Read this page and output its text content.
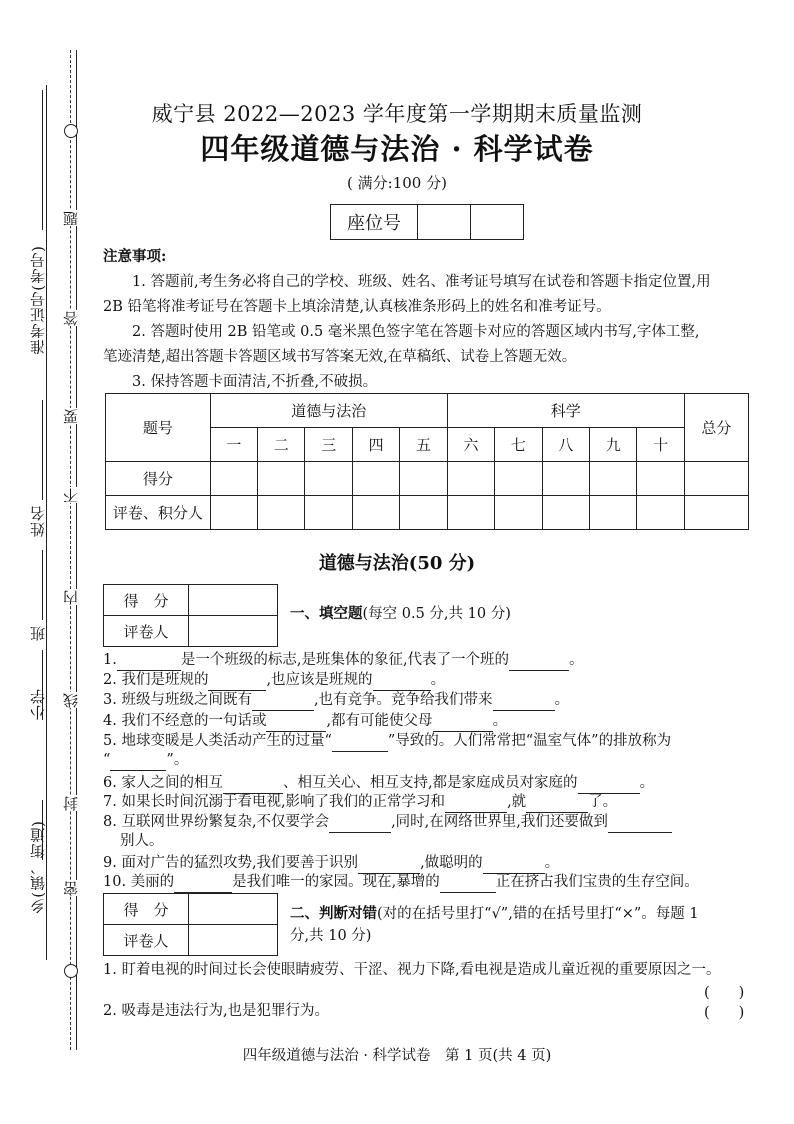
准考证号(考号)
姓名
班
小学
乡(镇、街道)
题
答
要
不
内
线
封
密
威宁县 2022—2023 学年度第一学期期末质量监测
四年级道德与法治 · 科学试卷
( 满分:100 分)
座位号		

注意事项:

1. 答题前,考生务必将自己的学校、班级、姓名、准考证号填写在试卷和答题卡指定位置,用

2B 铅笔将准考证号在答题卡上填涂清楚,认真核准条形码上的姓名和准考证号。

2. 答题时使用 2B 铅笔或 0.5 毫米黑色签字笔在答题卡对应的答题区域内书写,字体工整,

笔迹清楚,超出答题卡答题区域书写答案无效,在草稿纸、试卷上答题无效。

3. 保持答题卡面清洁,不折叠,不破损。

题号	道德与法治					科学					总分
	一	二	三	四	五	六	七	八	九	十	
得分											
评卷、积分人											
道德与法治(50 分)
得　分	
评卷人	
一、填空题(每空 0.5 分,共 10 分)
1.	是一个班级的标志,是班集体的象征,代表了一个班的	。
2. 我们是班规的	,也应该是班规的	。
3. 班级与班级之间既有	,也有竞争。竞争给我们带来	。
4. 我们不经意的一句话或	,都有可能使父母	。
5. 地球变暖是人类活动产生的过量“	”导致的。人们常常把“温室气体”的排放称为
“	”。
6. 家人之间的相互	、相互关心、相互支持,都是家庭成员对家庭的	。
7. 如果长时间沉溺于看电视,影响了我们的正常学习和	,就	了。
8. 互联网世界纷繁复杂,不仅要学会	,同时,在网络世界里,我们还要做到
别人。
9. 面对广告的猛烈攻势,我们要善于识别	,做聪明的	。
10. 美丽的	是我们唯一的家园。现在,暴增的	正在挤占我们宝贵的生存空间。
得　分	
评卷人	
二、判断对错(对的在括号里打“√”,错的在括号里打“×”。每题 1
分,共 10 分)
1. 盯着电视的时间过长会使眼睛疲劳、干涩、视力下降,看电视是造成儿童近视的重要原因之一。
(　　)
2. 吸毒是违法行为,也是犯罪行为。	(　　)
四年级道德与法治 · 科学试卷　第 1 页(共 4 页)
